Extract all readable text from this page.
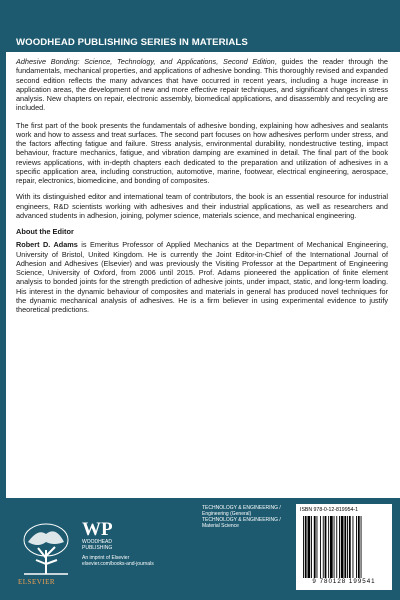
WOODHEAD PUBLISHING SERIES IN MATERIALS

Adhesive Bonding: Science, Technology, and Applications, Second Edition, guides the reader through the fundamentals, mechanical properties, and applications of adhesive bonding. This thoroughly revised and expanded second edition reflects the many advances that have occurred in recent years, including a huge increase in application areas, the development of new and more effective repair techniques, and significant changes in stress analysis. New chapters on repair, electronic assembly, biomedical applications, and disassembly and recycling are included.

The first part of the book presents the fundamentals of adhesive bonding, explaining how adhesives and sealants work and how to assess and treat surfaces. The second part focuses on how adhesives perform under stress, and the factors affecting fatigue and failure. Stress analysis, environmental durability, nondestructive testing, impact behaviour, fracture mechanics, fatigue, and vibration damping are examined in detail. The final part of the book reviews applications, with in-depth chapters each dedicated to the preparation and utilization of adhesives in a specific application area, including construction, automotive, marine, footwear, electrical engineering, aerospace, repair, electronics, biomedicine, and bonding of composites.

With its distinguished editor and international team of contributors, the book is an essential resource for industrial engineers, R&D scientists working with adhesives and their industrial applications, as well as researchers and advanced students in adhesion, joining, polymer science, materials science, and mechanical engineering.

About the Editor

Robert D. Adams is Emeritus Professor of Applied Mechanics at the Department of Mechanical Engineering, University of Bristol, United Kingdom. He is currently the Joint Editor-in-Chief of the International Journal of Adhesion and Adhesives (Elsevier) and was previously the Visiting Professor at the Department of Engineering Science, University of Oxford, from 2006 until 2015. Prof. Adams pioneered the application of finite element analysis to bonded joints for the strength prediction of adhesive joints, under impact, static, and long-term loading. His interest in the dynamic behaviour of composites and materials in general has produced novel techniques for the dynamic mechanical analysis of adhesives. He is a firm believer in using experimental evidence to justify theoretical predictions.

ELSEVIER
WP
WOODHEAD
PUBLISHING
An imprint of Elsevier
elsevier.com/books-and-journals
TECHNOLOGY & ENGINEERING /
Engineering (General)
TECHNOLOGY & ENGINEERING /
Material Science
ISBN 978-0-12-819954-1
9 780128 199541
